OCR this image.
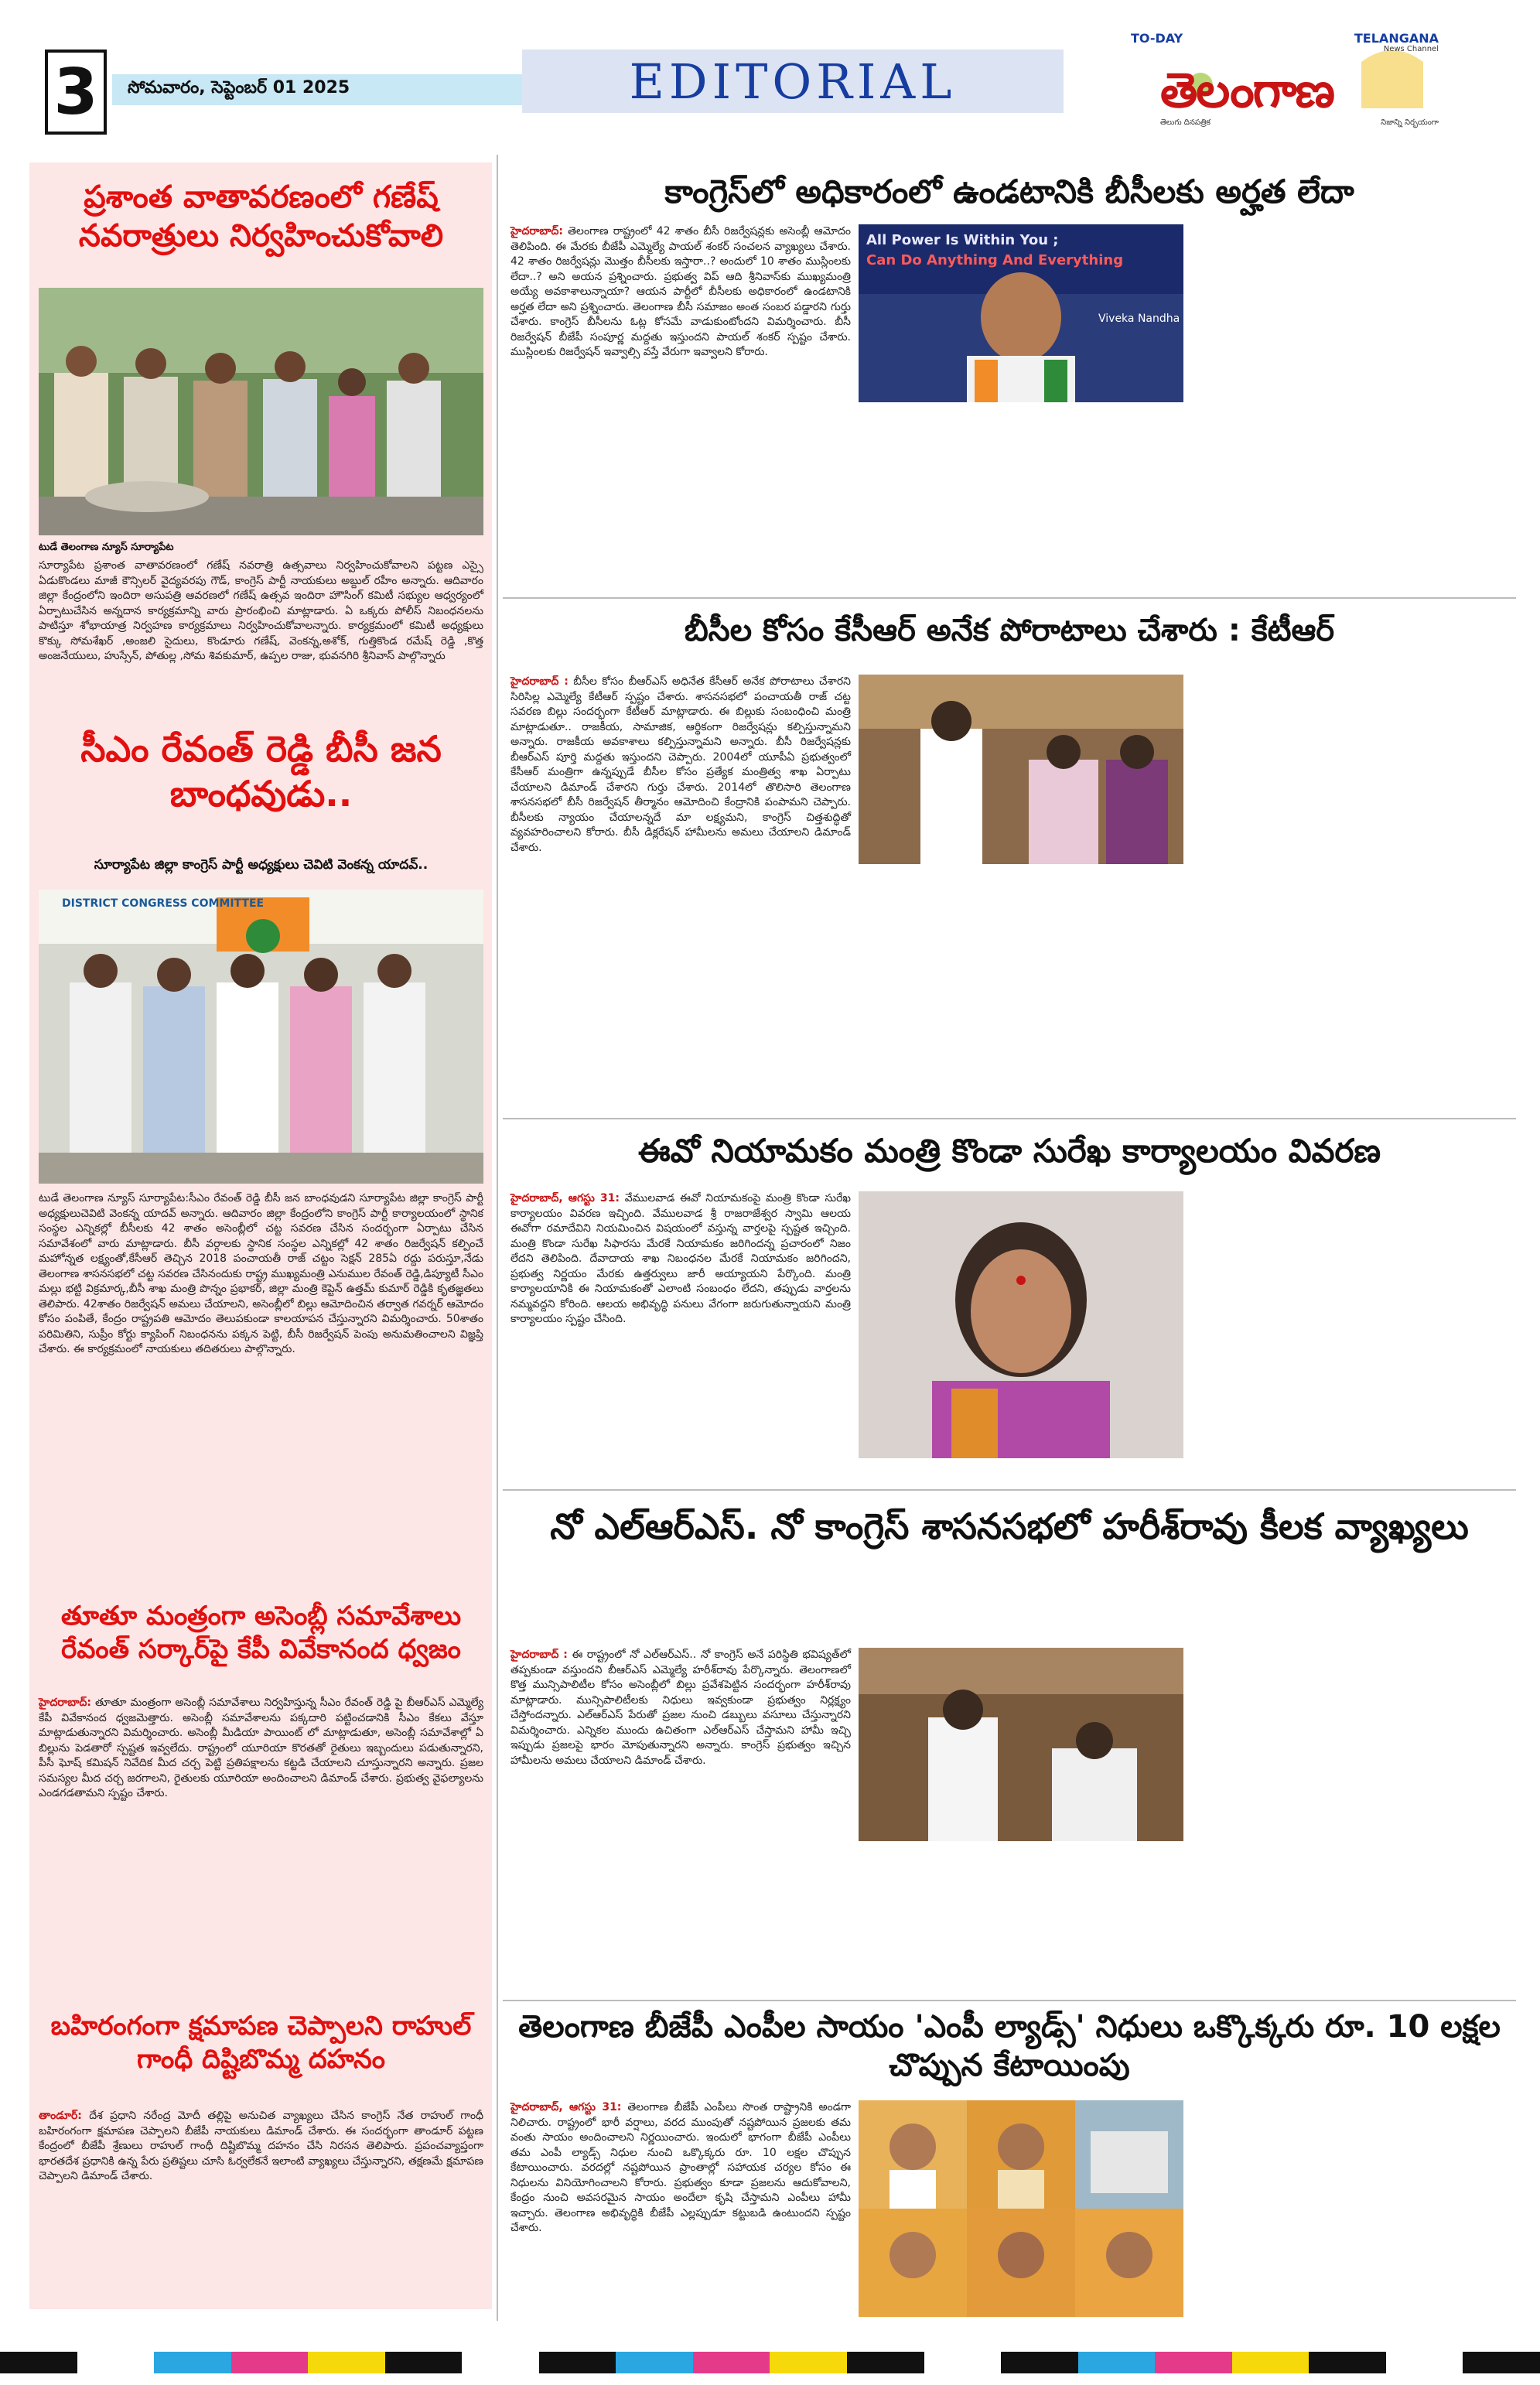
3	సోమవారం, సెప్టెంబర్ 01 2025	EDITORIAL
TO-DAY	TELANGANA
News Channel
తెలంగాణ
తెలుగు దినపత్రిక	నిజాన్ని నిర్భయంగా
ప్రశాంత వాతావరణంలో గణేష్ నవరాత్రులు నిర్వహించుకోవాలి
టుడే తెలంగాణ న్యూస్ సూర్యాపేట
సూర్యాపేట ప్రశాంత వాతావరణంలో గణేష్ నవరాత్రి ఉత్సవాలు నిర్వహించుకోవాలని పట్టణ ఎస్సై ఏడుకొండలు మాజీ కౌన్సిలర్ వైద్యవరపు గౌడ్, కాంగ్రెస్ పార్టీ నాయకులు అబ్దుల్ రహీం అన్నారు. ఆదివారం జిల్లా కేంద్రంలోని ఇందిరా అసుపత్రి ఆవరణలో గణేష్ ఉత్సవ ఇందిరా హౌసింగ్ కమిటీ సభ్యుల ఆధ్వర్యంలో ఏర్పాటుచేసిన అన్నదాన కార్యక్రమాన్ని వారు ప్రారంభించి మాట్లాడారు. ఏ ఒక్కరు పోలీస్ నిబంధనలను పాటిస్తూ శోభాయాత్ర నిర్వహణ కార్యక్రమాలు నిర్వహించుకోవాలన్నారు. కార్యక్రమంలో కమిటీ అధ్యక్షులు కొక్కు సోమశేఖర్ ,అంజలి సైదులు, కొండూరు గణేష్, వెంకన్న,అశోక్, గుత్తికొండ రమేష్ రెడ్డి ,కొత్త అంజనేయులు, హుస్సేన్, పోతుల్ల ,సోమ శివకుమార్, ఉప్పల రాజు, భువనగిరి శ్రీనివాస్ పాల్గొన్నారు
సీఎం రేవంత్ రెడ్డి బీసీ జన బాంధవుడు..
సూర్యాపేట జిల్లా కాంగ్రెస్ పార్టీ అధ్యక్షులు చెవిటి వెంకన్న యాదవ్..
DISTRICT CONGRESS COMMITTEE
టుడే తెలంగాణ న్యూస్ సూర్యాపేట:సీఎం రేవంత్ రెడ్డి బీసీ జన బాంధవుడని సూర్యాపేట జిల్లా కాంగ్రెస్ పార్టీ అధ్యక్షులుచెవిటి వెంకన్న యాదవ్ అన్నారు. ఆదివారం జిల్లా కేంద్రంలోని కాంగ్రెస్ పార్టీ కార్యాలయంలో స్థానిక సంస్థల ఎన్నికల్లో బీసీలకు 42 శాతం అసెంబ్లీలో చట్ట సవరణ చేసిన సందర్భంగా ఏర్పాటు చేసిన సమావేశంలో వారు మాట్లాడారు. బీసీ వర్గాలకు స్థానిక సంస్థల ఎన్నికల్లో 42 శాతం రిజర్వేషన్ కల్పించే మహోన్నత లక్ష్యంతో,కేసీఆర్ తెచ్చిన 2018 పంచాయతీ రాజ్ చట్టం సెక్షన్ 285ఏ రద్దు పరుస్తూ,నేడు తెలంగాణ శాసనసభలో చట్ట సవరణ చేసినందుకు రాష్ట్ర ముఖ్యమంత్రి ఎనుముల రేవంత్ రెడ్డి,డిప్యూటీ సీఎం మల్లు భట్టి విక్రమార్క,బీసీ శాఖ మంత్రి పొన్నం ప్రభాకర్, జిల్లా మంత్రి కెప్టెన్ ఉత్తమ్ కుమార్ రెడ్డికి కృతజ్ఞతలు తెలిపారు. 42శాతం రిజర్వేషన్ అమలు చేయాలని, అసెంబ్లీలో బిల్లు ఆమోదించిన తర్వాత గవర్నర్ ఆమోదం కోసం పంపితే, కేంద్రం రాష్ట్రపతి ఆమోదం తెలుపకుండా కాలయాపన చేస్తున్నారని విమర్శించారు. 50శాతం పరిమితిని, సుప్రీం కోర్టు క్యాపింగ్ నిబంధనను పక్కన పెట్టి, బీసీ రిజర్వేషన్ పెంపు అనుమతించాలని విజ్ఞప్తి చేశారు. ఈ కార్యక్రమంలో నాయకులు తదితరులు పాల్గొన్నారు.
తూతూ మంత్రంగా అసెంబ్లీ సమావేశాలు రేవంత్ సర్కార్‌పై కేపీ వివేకానంద ధ్వజం
హైదరాబాద్: తూతూ మంత్రంగా అసెంబ్లీ సమావేశాలు నిర్వహిస్తున్న సీఎం రేవంత్ రెడ్డి పై బీఆర్ఎస్ ఎమ్మెల్యే కేపీ వివేకానంద ధ్వజమెత్తారు. అసెంబ్లీ సమావేశాలను పక్కదారి పట్టించడానికి సీఎం కేకలు వేస్తూ మాట్లాడుతున్నారని విమర్శించారు. అసెంబ్లీ మీడియా పాయింట్ లో మాట్లాడుతూ, అసెంబ్లీ సమావేశాల్లో ఏ బిల్లును పెడతారో స్పష్టత ఇవ్వలేదు. రాష్ట్రంలో యూరియా కొరతతో రైతులు ఇబ్బందులు పడుతున్నారని, పీసీ ఘోష్ కమిషన్ నివేదిక మీద చర్చ పెట్టి ప్రతిపక్షాలను కట్టడి చేయాలని చూస్తున్నారని అన్నారు. ప్రజల సమస్యల మీద చర్చ జరగాలని, రైతులకు యూరియా అందించాలని డిమాండ్ చేశారు. ప్రభుత్వ వైఫల్యాలను ఎండగడతామని స్పష్టం చేశారు.
బహిరంగంగా క్షమాపణ చెప్పాలని రాహుల్ గాంధీ దిష్టిబొమ్మ దహనం
తాండూర్: దేశ ప్రధాని నరేంద్ర మోదీ తల్లిపై అనుచిత వ్యాఖ్యలు చేసిన కాంగ్రెస్ నేత రాహుల్ గాంధీ బహిరంగంగా క్షమాపణ చెప్పాలని బీజేపీ నాయకులు డిమాండ్ చేశారు. ఈ సందర్భంగా తాండూర్ పట్టణ కేంద్రంలో బీజేపీ శ్రేణులు రాహుల్ గాంధీ దిష్టిబొమ్మ దహనం చేసి నిరసన తెలిపారు. ప్రపంచవ్యాప్తంగా భారతదేశ ప్రధానికి ఉన్న పేరు ప్రతిష్టలు చూసి ఓర్వలేకనే ఇలాంటి వ్యాఖ్యలు చేస్తున్నారని, తక్షణమే క్షమాపణ చెప్పాలని డిమాండ్ చేశారు.
కాంగ్రెస్‌లో అధికారంలో ఉండటానికి బీసీలకు అర్హత లేదా
హైదరాబాద్: తెలంగాణ రాష్ట్రంలో 42 శాతం బీసీ రిజర్వేషన్లకు అసెంబ్లీ ఆమోదం తెలిపింది. ఈ మేరకు బీజేపీ ఎమ్మెల్యే పాయల్ శంకర్ సంచలన వ్యాఖ్యలు చేశారు. 42 శాతం రిజర్వేషన్లు మొత్తం బీసీలకు ఇస్తారా..? అందులో 10 శాతం ముస్లింలకు లేదా..? అని అయన ప్రశ్నించారు. ప్రభుత్వ విప్ ఆది శ్రీనివాస్‌కు ముఖ్యమంత్రి అయ్యే అవకాశాలున్నాయా? ఆయన పార్టీలో బీసీలకు అధికారంలో ఉండటానికి అర్హత లేదా అని ప్రశ్నించారు. తెలంగాణ బీసీ సమాజం అంత సంబర పడ్డారని గుర్తు చేశారు. కాంగ్రెస్ బీసీలను ఓట్ల కోసమే వాడుకుంటోందని విమర్శించారు. బీసీ రిజర్వేషన్ బీజేపీ సంపూర్ణ మద్దతు ఇస్తుందని పాయల్ శంకర్ స్పష్టం చేశారు. ముస్లింలకు రిజర్వేషన్ ఇవ్వాల్సి వస్తే వేరుగా ఇవ్వాలని కోరారు.
All Power Is Within You ;
Can Do Anything And Everything
Viveka Nandha
బీసీల కోసం కేసీఆర్ అనేక పోరాటాలు చేశారు : కేటీఆర్
హైదరాబాద్ : బీసీల కోసం బీఆర్ఎస్ అధినేత కేసీఆర్ అనేక పోరాటాలు చేశారని సిరిసిల్ల ఎమ్మెల్యే కేటీఆర్ స్పష్టం చేశారు. శాసనసభలో పంచాయతీ రాజ్ చట్ట సవరణ బిల్లు సందర్భంగా కేటీఆర్ మాట్లాడారు. ఈ బిల్లుకు సంబంధించి మంత్రి మాట్లాడుతూ.. రాజకీయ, సామాజిక, ఆర్థికంగా రిజర్వేషన్లు కల్పిస్తున్నామని అన్నారు. రాజకీయ అవకాశాలు కల్పిస్తున్నామని అన్నారు. బీసీ రిజర్వేషన్లకు బీఆర్ఎస్ పూర్తి మద్దతు ఇస్తుందని చెప్పారు. 2004లో యూపీఏ ప్రభుత్వంలో కేసీఆర్ మంత్రిగా ఉన్నప్పుడే బీసీల కోసం ప్రత్యేక మంత్రిత్వ శాఖ ఏర్పాటు చేయాలని డిమాండ్ చేశారని గుర్తు చేశారు. 2014లో తొలిసారి తెలంగాణ శాసనసభలో బీసీ రిజర్వేషన్ తీర్మానం ఆమోదించి కేంద్రానికి పంపామని చెప్పారు. బీసీలకు న్యాయం చేయాలన్నదే మా లక్ష్యమని, కాంగ్రెస్ చిత్తశుద్ధితో వ్యవహరించాలని కోరారు. బీసీ డిక్లరేషన్ హామీలను అమలు చేయాలని డిమాండ్ చేశారు.
ఈవో నియామకం మంత్రి కొండా సురేఖ కార్యాలయం వివరణ
హైదరాబాద్, ఆగస్టు 31: వేములవాడ ఈవో నియామకంపై మంత్రి కొండా సురేఖ కార్యాలయం వివరణ ఇచ్చింది. వేములవాడ శ్రీ రాజరాజేశ్వర స్వామి ఆలయ ఈవోగా రమాదేవిని నియమించిన విషయంలో వస్తున్న వార్తలపై స్పష్టత ఇచ్చింది. మంత్రి కొండా సురేఖ సిఫారసు మేరకే నియామకం జరిగిందన్న ప్రచారంలో నిజం లేదని తెలిపింది. దేవాదాయ శాఖ నిబంధనల మేరకే నియామకం జరిగిందని, ప్రభుత్వ నిర్ణయం మేరకు ఉత్తర్వులు జారీ అయ్యాయని పేర్కొంది. మంత్రి కార్యాలయానికి ఈ నియామకంతో ఎలాంటి సంబంధం లేదని, తప్పుడు వార్తలను నమ్మవద్దని కోరింది. ఆలయ అభివృద్ధి పనులు వేగంగా జరుగుతున్నాయని మంత్రి కార్యాలయం స్పష్టం చేసింది.
నో ఎల్ఆర్ఎస్. నో కాంగ్రెస్ శాసనసభలో హరీశ్‌రావు కీలక వ్యాఖ్యలు
హైదరాబాద్ : ఈ రాష్ట్రంలో నో ఎల్ఆర్ఎస్.. నో కాంగ్రెస్ అనే పరిస్థితి భవిష్యత్‌లో తప్పకుండా వస్తుందని బీఆర్ఎస్ ఎమ్మెల్యే హరీశ్‌రావు పేర్కొన్నారు. తెలంగాణలో కొత్త మున్సిపాలిటీల కోసం అసెంబ్లీలో బిల్లు ప్రవేశపెట్టిన సందర్భంగా హరీశ్‌రావు మాట్లాడారు. మున్సిపాలిటీలకు నిధులు ఇవ్వకుండా ప్రభుత్వం నిర్లక్ష్యం చేస్తోందన్నారు. ఎల్ఆర్ఎస్ పేరుతో ప్రజల నుంచి డబ్బులు వసూలు చేస్తున్నారని విమర్శించారు. ఎన్నికల ముందు ఉచితంగా ఎల్ఆర్ఎస్ చేస్తామని హామీ ఇచ్చి ఇప్పుడు ప్రజలపై భారం మోపుతున్నారని అన్నారు. కాంగ్రెస్ ప్రభుత్వం ఇచ్చిన హామీలను అమలు చేయాలని డిమాండ్ చేశారు.
తెలంగాణ బీజేపీ ఎంపీల సాయం 'ఎంపీ ల్యాడ్స్' నిధులు ఒక్కొక్కరు రూ. 10 లక్షల చొప్పున కేటాయింపు
హైదరాబాద్, ఆగస్టు 31: తెలంగాణ బీజేపీ ఎంపీలు సొంత రాష్ట్రానికి అండగా నిలిచారు. రాష్ట్రంలో భారీ వర్షాలు, వరద ముంపుతో నష్టపోయిన ప్రజలకు తమ వంతు సాయం అందించాలని నిర్ణయించారు. ఇందులో భాగంగా బీజేపీ ఎంపీలు తమ ఎంపీ ల్యాడ్స్ నిధుల నుంచి ఒక్కొక్కరు రూ. 10 లక్షల చొప్పున కేటాయించారు. వరదల్లో నష్టపోయిన ప్రాంతాల్లో సహాయక చర్యల కోసం ఈ నిధులను వినియోగించాలని కోరారు. ప్రభుత్వం కూడా ప్రజలను ఆదుకోవాలని, కేంద్రం నుంచి అవసరమైన సాయం అందేలా కృషి చేస్తామని ఎంపీలు హామీ ఇచ్చారు. తెలంగాణ అభివృద్ధికి బీజేపీ ఎల్లప్పుడూ కట్టుబడి ఉంటుందని స్పష్టం చేశారు.
